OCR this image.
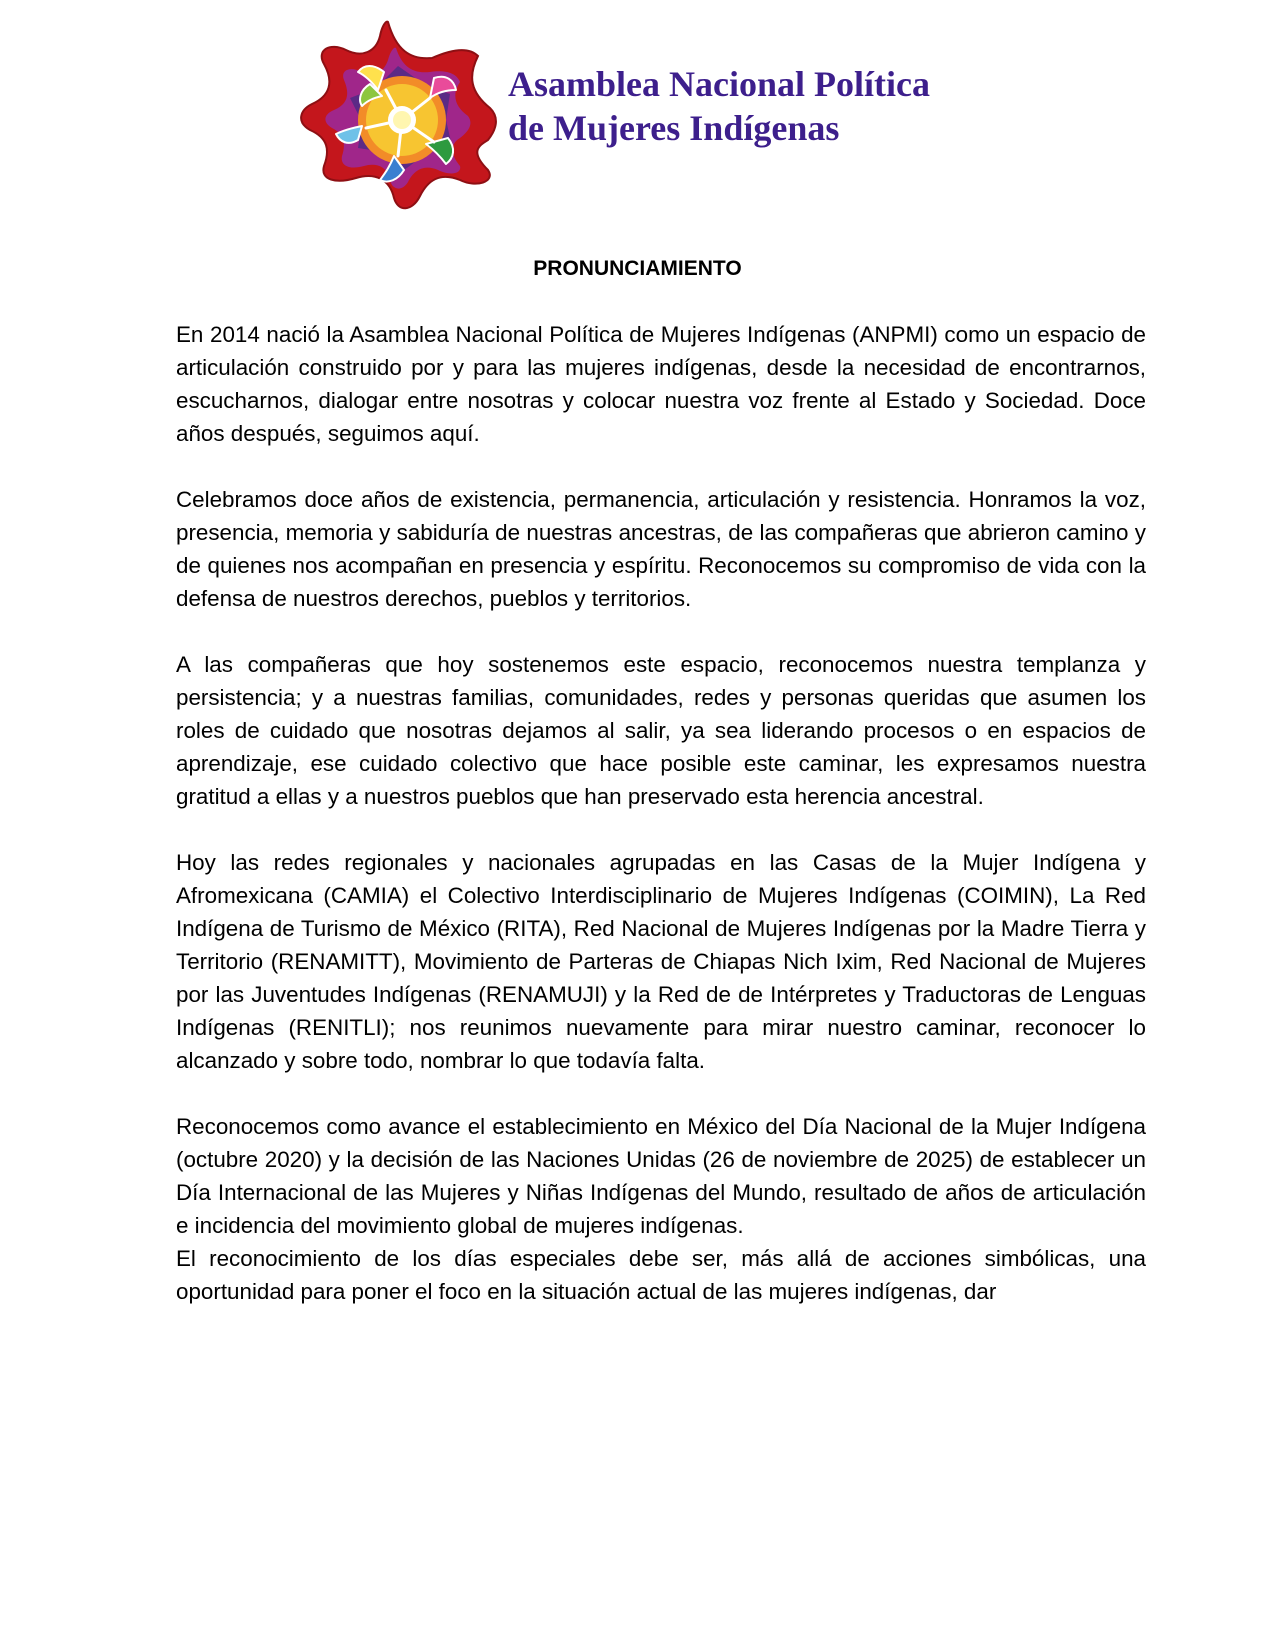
Asamblea Nacional Política
de Mujeres Indígenas
PRONUNCIAMIENTO

En 2014 nació la Asamblea Nacional Política de Mujeres Indígenas (ANPMI) como un espacio de articulación construido por y para las mujeres indígenas, desde la necesidad de encontrarnos, escucharnos, dialogar entre nosotras y colocar nuestra voz frente al Estado y Sociedad. Doce años después, seguimos aquí.

Celebramos doce años de existencia, permanencia, articulación y resistencia. Honramos la voz, presencia, memoria y sabiduría de nuestras ancestras, de las compañeras que abrieron camino y de quienes nos acompañan en presencia y espíritu. Reconocemos su compromiso de vida con la defensa de nuestros derechos, pueblos y territorios.

A las compañeras que hoy sostenemos este espacio, reconocemos nuestra templanza y persistencia; y a nuestras familias, comunidades, redes y personas queridas que asumen los roles de cuidado que nosotras dejamos al salir, ya sea liderando procesos o en espacios de aprendizaje, ese cuidado colectivo que hace posible este caminar, les expresamos nuestra gratitud a ellas y a nuestros pueblos que han preservado esta herencia ancestral.

Hoy las redes regionales y nacionales agrupadas en las Casas de la Mujer Indígena y Afromexicana (CAMIA) el Colectivo Interdisciplinario de Mujeres Indígenas (COIMIN), La Red Indígena de Turismo de México (RITA), Red Nacional de Mujeres Indígenas por la Madre Tierra y Territorio (RENAMITT), Movimiento de Parteras de Chiapas Nich Ixim, Red Nacional de Mujeres por las Juventudes Indígenas (RENAMUJI) y la Red de de Intérpretes y Traductoras de Lenguas Indígenas (RENITLI); nos reunimos nuevamente para mirar nuestro caminar, reconocer lo alcanzado y sobre todo, nombrar lo que todavía falta.

Reconocemos como avance el establecimiento en México del Día Nacional de la Mujer Indígena (octubre 2020) y la decisión de las Naciones Unidas (26 de noviembre de 2025) de establecer un Día Internacional de las Mujeres y Niñas Indígenas del Mundo, resultado de años de articulación e incidencia del movimiento global de mujeres indígenas.

El reconocimiento de los días especiales debe ser, más allá de acciones simbólicas, una oportunidad para poner el foco en la situación actual de las mujeres indígenas, dar
